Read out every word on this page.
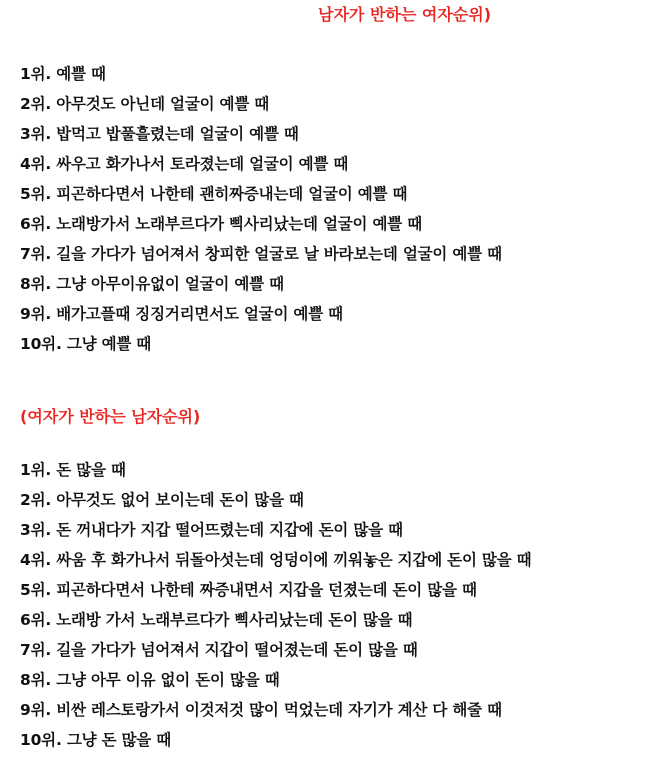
남자가 반하는 여자순위)
1위. 예쁠 때
2위. 아무것도 아닌데 얼굴이 예쁠 때
3위. 밥먹고 밥풀흘렸는데 얼굴이 예쁠 때
4위. 싸우고 화가나서 토라졌는데 얼굴이 예쁠 때
5위. 피곤하다면서 나한테 괜히짜증내는데 얼굴이 예쁠 때
6위. 노래방가서 노래부르다가 삑사리났는데 얼굴이 예쁠 때
7위. 길을 가다가 넘어져서 창피한 얼굴로 날 바라보는데 얼굴이 예쁠 때
8위. 그냥 아무이유없이 얼굴이 예쁠 때
9위. 배가고플때 징징거리면서도 얼굴이 예쁠 때
10위. 그냥 예쁠 때
(여자가 반하는 남자순위)
1위. 돈 많을 때
2위. 아무것도 없어 보이는데 돈이 많을 때
3위. 돈 꺼내다가 지갑 떨어뜨렸는데 지갑에 돈이 많을 때
4위. 싸움 후 화가나서 뒤돌아섯는데 엉덩이에 끼워놓은 지갑에 돈이 많을 때
5위. 피곤하다면서 나한테 짜증내면서 지갑을 던졌는데 돈이 많을 때
6위. 노래방 가서 노래부르다가 삑사리났는데 돈이 많을 때
7위. 길을 가다가 넘어져서 지갑이 떨어졌는데 돈이 많을 때
8위. 그냥 아무 이유 없이 돈이 많을 때
9위. 비싼 레스토랑가서 이것저것 많이 먹었는데 자기가 계산 다 해줄 때
10위. 그냥 돈 많을 때
